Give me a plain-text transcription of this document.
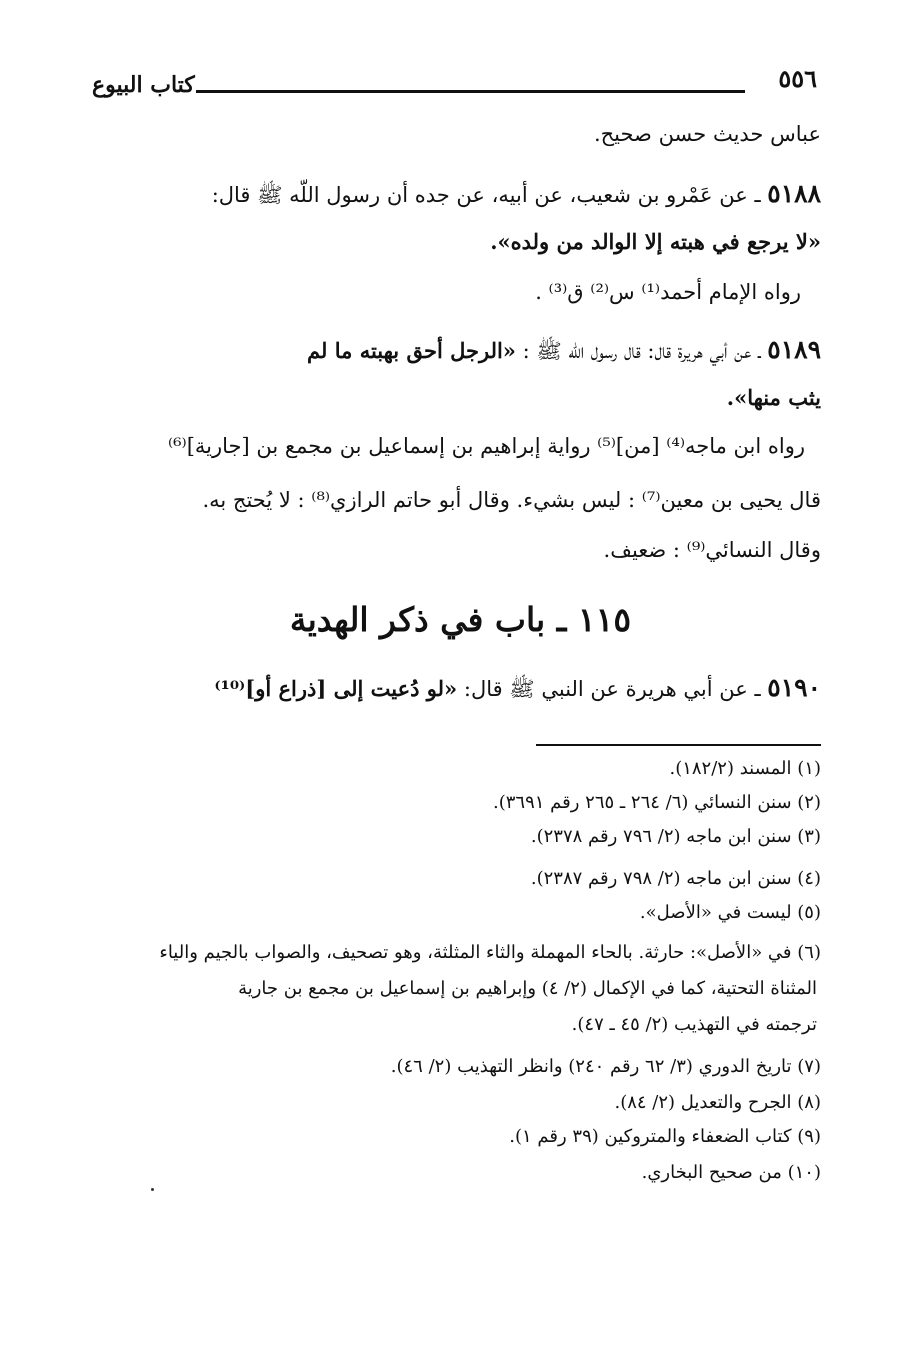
كتاب البيوع	٥٥٦
عباس حديث حسن صحيح.
٥١٨٨ ـ عن عَمْرو بن شعيب، عن أبيه، عن جده أن رسول اللّه ﷺ قال:
«لا يرجع في هبته إلا الوالد من ولده».
رواه الإمام أحمد⁽¹⁾ س⁽²⁾ ق⁽³⁾ .
٥١٨٩ ـ عن أبي هريرة قال: قال رسول اللّه ﷺ : «الرجل أحق بهبته ما لم
يثب منها».
رواه ابن ماجه⁽⁴⁾ [من]⁽⁵⁾ رواية إبراهيم بن إسماعيل بن مجمع بن [جارية]⁽⁶⁾
قال يحيى بن معين⁽⁷⁾ : ليس بشيء. وقال أبو حاتم الرازي⁽⁸⁾ : لا يُحتج به.
وقال النسائي⁽⁹⁾ : ضعيف.
١١٥ ـ باب في ذكر الهدية
٥١٩٠ ـ عن أبي هريرة عن النبي ﷺ قال: «لو دُعيت إلى [ذراع أو]⁽¹⁰⁾
(١) المسند (١٨٢/٢).
(٢) سنن النسائي (٦/ ٢٦٤ ـ ٢٦٥ رقم ٣٦٩١).
(٣) سنن ابن ماجه (٢/ ٧٩٦ رقم ٢٣٧٨).
(٤) سنن ابن ماجه (٢/ ٧٩٨ رقم ٢٣٨٧).
(٥) ليست في «الأصل».
(٦) في «الأصل»: حارثة. بالحاء المهملة والثاء المثلثة، وهو تصحيف، والصواب بالجيم والياء
المثناة التحتية، كما في الإكمال (٢/ ٤) وإبراهيم بن إسماعيل بن مجمع بن جارية
ترجمته في التهذيب (٢/ ٤٥ ـ ٤٧).
(٧) تاريخ الدوري (٣/ ٦٢ رقم ٢٤٠) وانظر التهذيب (٢/ ٤٦).
(٨) الجرح والتعديل (٢/ ٨٤).
(٩) كتاب الضعفاء والمتروكين (٣٩ رقم ١).
(١٠) من صحيح البخاري.
